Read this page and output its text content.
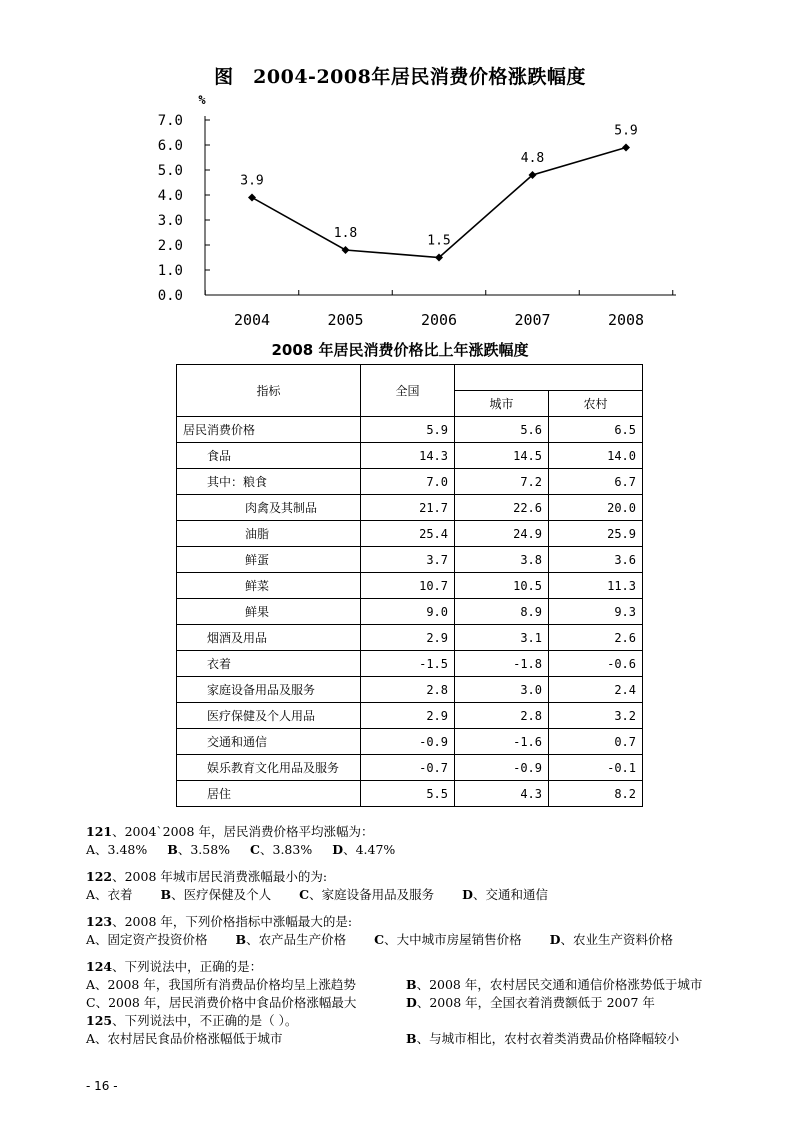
图　2004-2008年居民消费价格涨跌幅度
%
7.0
6.0
5.0
4.0
3.0
2.0
1.0
0.0
2004	2005	2006	2007	2008
3.9
1.8	1.5
4.8
5.9
2008 年居民消费价格比上年涨跌幅度
指标	全国		
		城市	农村
居民消费价格	5.9	5.6	6.5
食品	14.3	14.5	14.0
其中：粮食	7.0	7.2	6.7
肉禽及其制品	21.7	22.6	20.0
油脂	25.4	24.9	25.9
鲜蛋	3.7	3.8	3.6
鲜菜	10.7	10.5	11.3
鲜果	9.0	8.9	9.3
烟酒及用品	2.9	3.1	2.6
衣着	-1.5	-1.8	-0.6
家庭设备用品及服务	2.8	3.0	2.4
医疗保健及个人用品	2.9	2.8	3.2
交通和通信	-0.9	-1.6	0.7
娱乐教育文化用品及服务	-0.7	-0.9	-0.1
居住	5.5	4.3	8.2
121、2004`2008 年，居民消费价格平均涨幅为：
A、3.48% B、3.58% C、3.83% D、4.47%
122、2008 年城市居民消费涨幅最小的为:
A、衣着 B、医疗保健及个人 C、家庭设备用品及服务 D、交通和通信
123、2008 年，下列价格指标中涨幅最大的是:
A、固定资产投资价格 B、农产品生产价格 C、大中城市房屋销售价格 D、农业生产资料价格
124、下列说法中，正确的是：
A、2008 年，我国所有消费品价格均呈上涨趋势	B、2008 年，农村居民交通和通信价格涨势低于城市
C、2008 年，居民消费价格中食品价格涨幅最大	D、2008 年，全国衣着消费额低于 2007 年
125、下列说法中，不正确的是（ ）。
A、农村居民食品价格涨幅低于城市	B、与城市相比，农村衣着类消费品价格降幅较小
- 16 -
